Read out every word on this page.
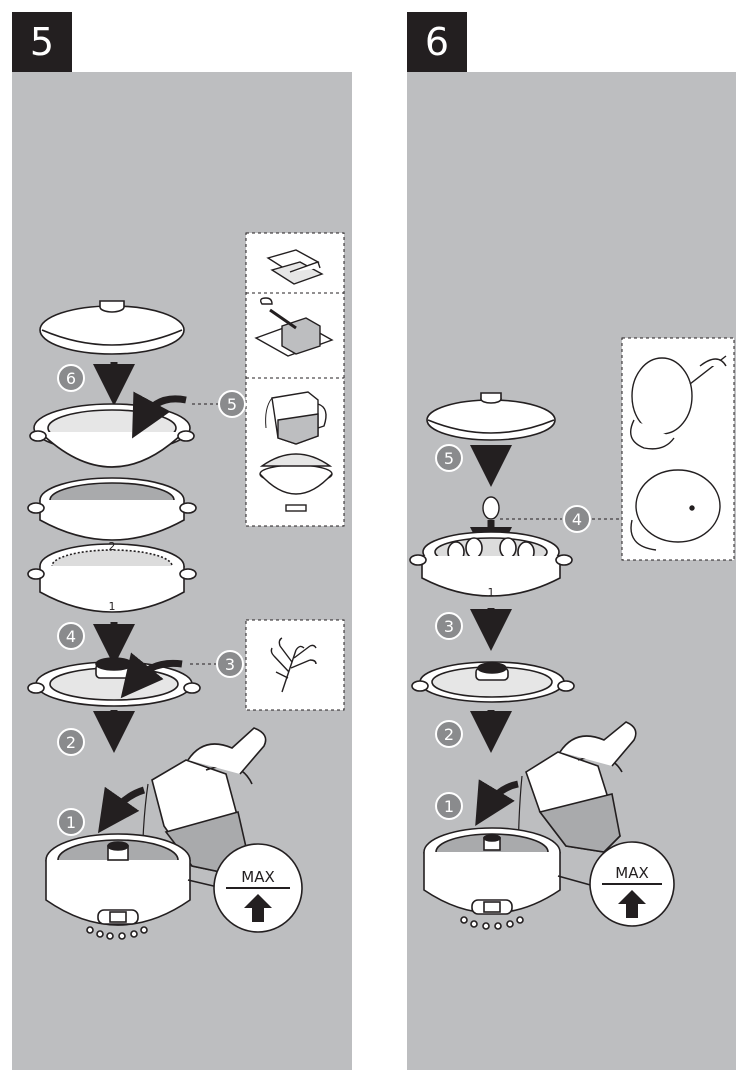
5	6
MAX
2
1
6
5
4
3
2
1
1
MAX
5
4
3
2
1
